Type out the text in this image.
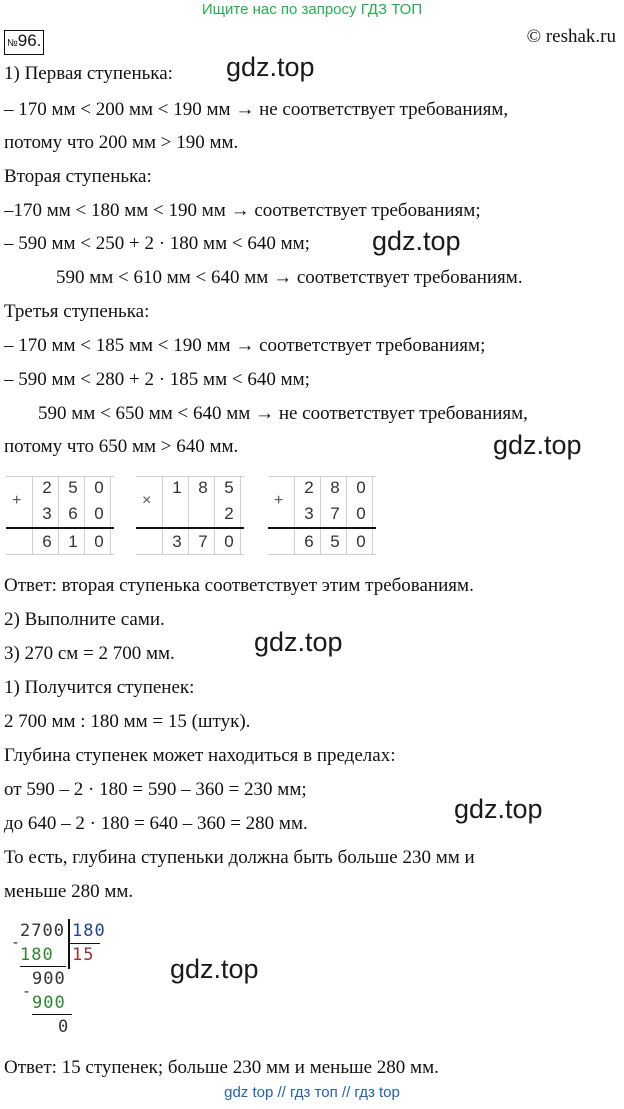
Ищите нас по запросу ГДЗ ТОП
№96.	© reshak.ru
1) Первая ступенька:
– 170 мм < 200 мм < 190 мм → не соответствует требованиям,
потому что 200 мм > 190 мм.
Вторая ступенька:
–170 мм < 180 мм < 190 мм → соответствует требованиям;
– 590 мм < 250 + 2 · 180 мм < 640 мм;
590 мм < 610 мм < 640 мм → соответствует требованиям.
Третья ступенька:
– 170 мм < 185 мм < 190 мм → соответствует требованиям;
– 590 мм < 280 + 2 · 185 мм < 640 мм;
590 мм < 650 мм < 640 мм → не соответствует требованиям,
потому что 650 мм > 640 мм.
+
2 5 0
3 6 0
6 1 0
×
1 8 5
2
3 7 0
+
2 8 0
3 7 0
6 5 0
Ответ: вторая ступенька соответствует этим требованиям.
2) Выполните сами.
3) 270 см = 2 700 мм.
1) Получится ступенек:
2 700 мм : 180 мм = 15 (штук).
Глубина ступенек может находиться в пределах:
от 590 – 2 · 180 = 590 – 360 = 230 мм;
до 640 – 2 · 180 = 640 – 360 = 280 мм.
То есть, глубина ступеньки должна быть больше 230 мм и
меньше 280 мм.
2700 180
15
-
180
900
-
900
0
Ответ: 15 ступенек; больше 230 мм и меньше 280 мм.
gdz.top
gdz.top
gdz.top
gdz.top
gdz.top
gdz.top
gdz top // гдз топ // гдз top
